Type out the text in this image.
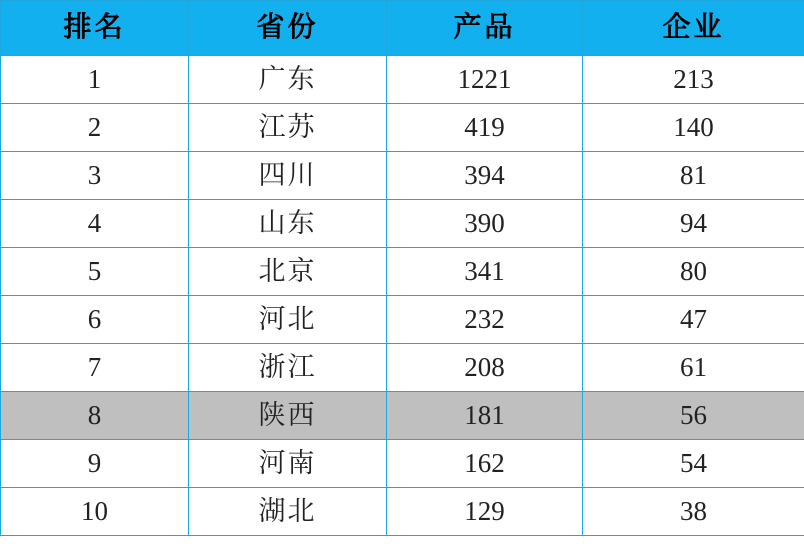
排名	省份	产品	企业
1	广东	1221	213
2	江苏	419	140
3	四川	394	81
4	山东	390	94
5	北京	341	80
6	河北	232	47
7	浙江	208	61
8	陕西	181	56
9	河南	162	54
10	湖北	129	38
